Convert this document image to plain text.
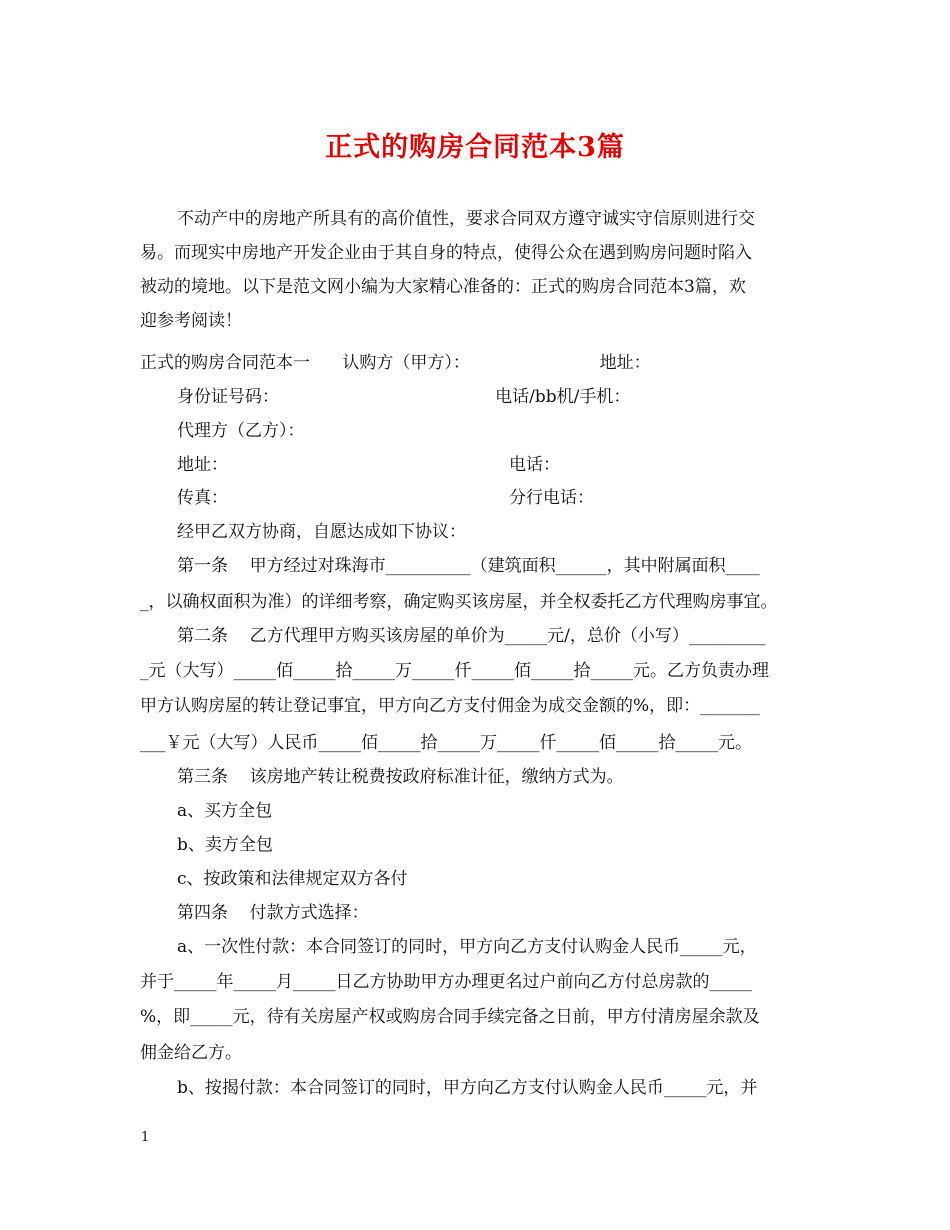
正式的购房合同范本3篇
不动产中的房地产所具有的高价值性，要求合同双方遵守诚实守信原则进行交
易。而现实中房地产开发企业由于其自身的特点，使得公众在遇到购房问题时陷入
被动的境地。以下是范文网小编为大家精心准备的：正式的购房合同范本3篇，欢
迎参考阅读！
正式的购房合同范本一      认购方（甲方）：                        地址：
身份证号码：                                        电话/bb机/手机：
代理方（乙方）：
地址：                                                    电话：
传真：                                                    分行电话：
经甲乙双方协商，自愿达成如下协议：
第一条    甲方经过对珠海市__________（建筑面积______，其中附属面积____
_，以确权面积为准）的详细考察，确定购买该房屋，并全权委托乙方代理购房事宜。
第二条    乙方代理甲方购买该房屋的单价为_____元/，总价（小写）_________
_元（大写）_____佰_____拾_____万_____仟_____佰_____拾_____元。乙方负责办理
甲方认购房屋的转让登记事宜，甲方向乙方支付佣金为成交金额的%，即：_______
___￥元（大写）人民币_____佰_____拾_____万_____仟_____佰_____拾_____元。
第三条    该房地产转让税费按政府标准计征，缴纳方式为。
a、买方全包
b、卖方全包
c、按政策和法律规定双方各付
第四条    付款方式选择：
a、一次性付款：本合同签订的同时，甲方向乙方支付认购金人民币_____元，
并于_____年_____月_____日乙方协助甲方办理更名过户前向乙方付总房款的_____
%，即_____元，待有关房屋产权或购房合同手续完备之日前，甲方付清房屋余款及
佣金给乙方。
b、按揭付款：本合同签订的同时，甲方向乙方支付认购金人民币_____元，并
1
